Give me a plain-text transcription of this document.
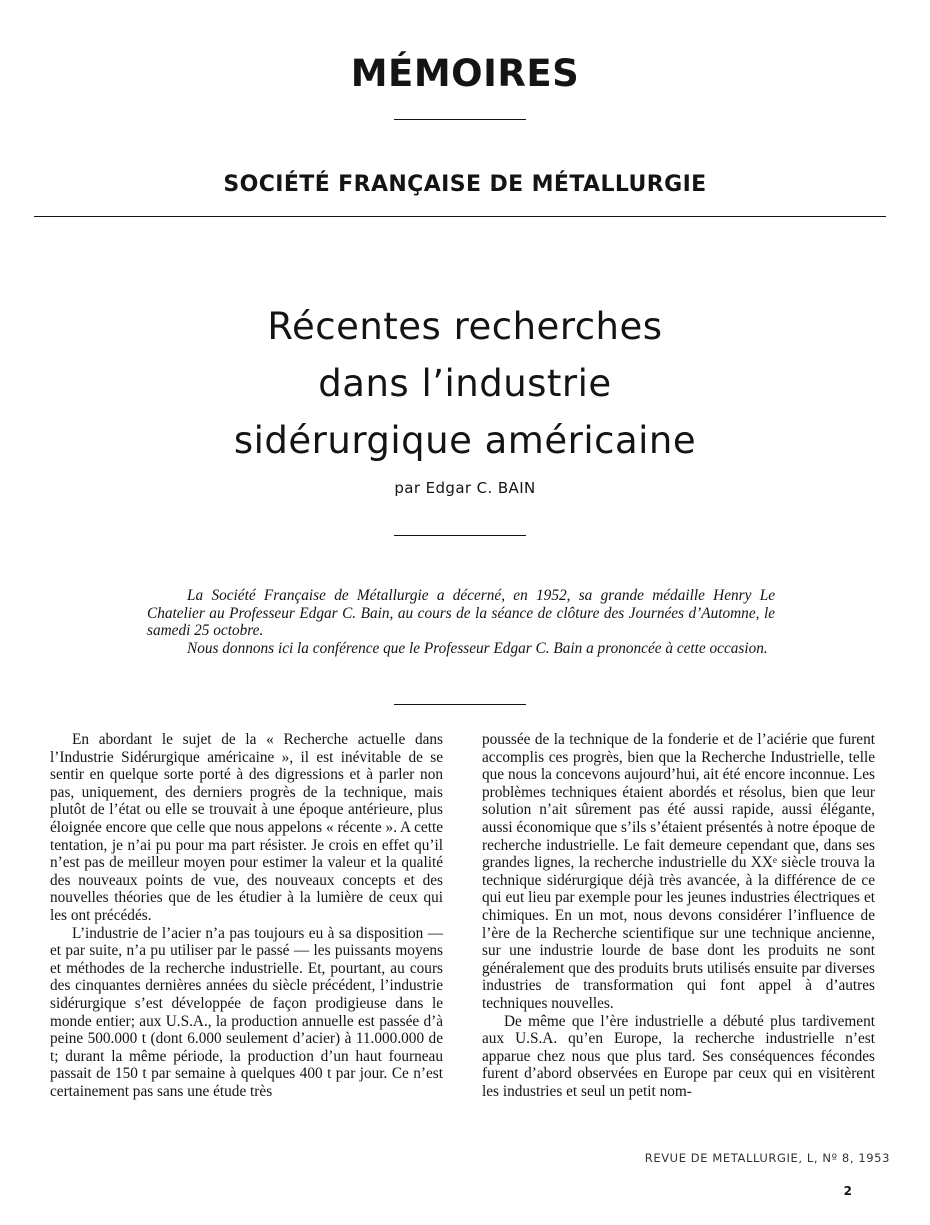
MÉMOIRES
SOCIÉTÉ FRANÇAISE DE MÉTALLURGIE
Récentes recherches
dans l’industrie
sidérurgique américaine
par Edgar C. BAIN

La Société Française de Métallurgie a décerné, en 1952, sa grande médaille Henry Le Chatelier au Professeur Edgar C. Bain, au cours de la séance de clôture des Journées d’Automne, le samedi 25 octobre.

Nous donnons ici la conférence que le Professeur Edgar C. Bain a prononcée à cette occasion.

En abordant le sujet de la « Recherche actuelle dans l’Industrie Sidérurgique américaine », il est inévitable de se sentir en quelque sorte porté à des digressions et à parler non pas, uniquement, des derniers progrès de la technique, mais plutôt de l’état ou elle se trouvait à une époque antérieure, plus éloignée encore que celle que nous appelons « récente ». A cette tentation, je n’ai pu pour ma part résister. Je crois en effet qu’il n’est pas de meilleur moyen pour estimer la valeur et la qualité des nouveaux points de vue, des nouveaux concepts et des nouvelles théories que de les étudier à la lumière de ceux qui les ont précédés.

L’industrie de l’acier n’a pas toujours eu à sa disposition — et par suite, n’a pu utiliser par le passé — les puissants moyens et méthodes de la recherche industrielle. Et, pourtant, au cours des cinquantes dernières années du siècle précédent, l’industrie sidérurgique s’est développée de façon prodigieuse dans le monde entier; aux U.S.A., la production annuelle est passée d’à peine 500.000 t (dont 6.000 seulement d’acier) à 11.000.000 de t; durant la même période, la production d’un haut fourneau passait de 150 t par semaine à quelques 400 t par jour. Ce n’est certainement pas sans une étude très

poussée de la technique de la fonderie et de l’aciérie que furent accomplis ces progrès, bien que la Recherche Industrielle, telle que nous la concevons aujourd’hui, ait été encore inconnue. Les problèmes techniques étaient abordés et résolus, bien que leur solution n’ait sûrement pas été aussi rapide, aussi élégante, aussi économique que s’ils s’étaient présentés à notre époque de recherche industrielle. Le fait demeure cependant que, dans ses grandes lignes, la recherche industrielle du XXᵉ siècle trouva la technique sidérurgique déjà très avancée, à la différence de ce qui eut lieu par exemple pour les jeunes industries électriques et chimiques. En un mot, nous devons considérer l’influence de l’ère de la Recherche scientifique sur une technique ancienne, sur une industrie lourde de base dont les produits ne sont généralement que des produits bruts utilisés ensuite par diverses industries de transformation qui font appel à d’autres techniques nouvelles.

De même que l’ère industrielle a débuté plus tardivement aux U.S.A. qu’en Europe, la recherche industrielle n’est apparue chez nous que plus tard. Ses conséquences fécondes furent d’abord observées en Europe par ceux qui en visitèrent les industries et seul un petit nom-

REVUE DE METALLURGIE, L, Nº 8, 1953
2
